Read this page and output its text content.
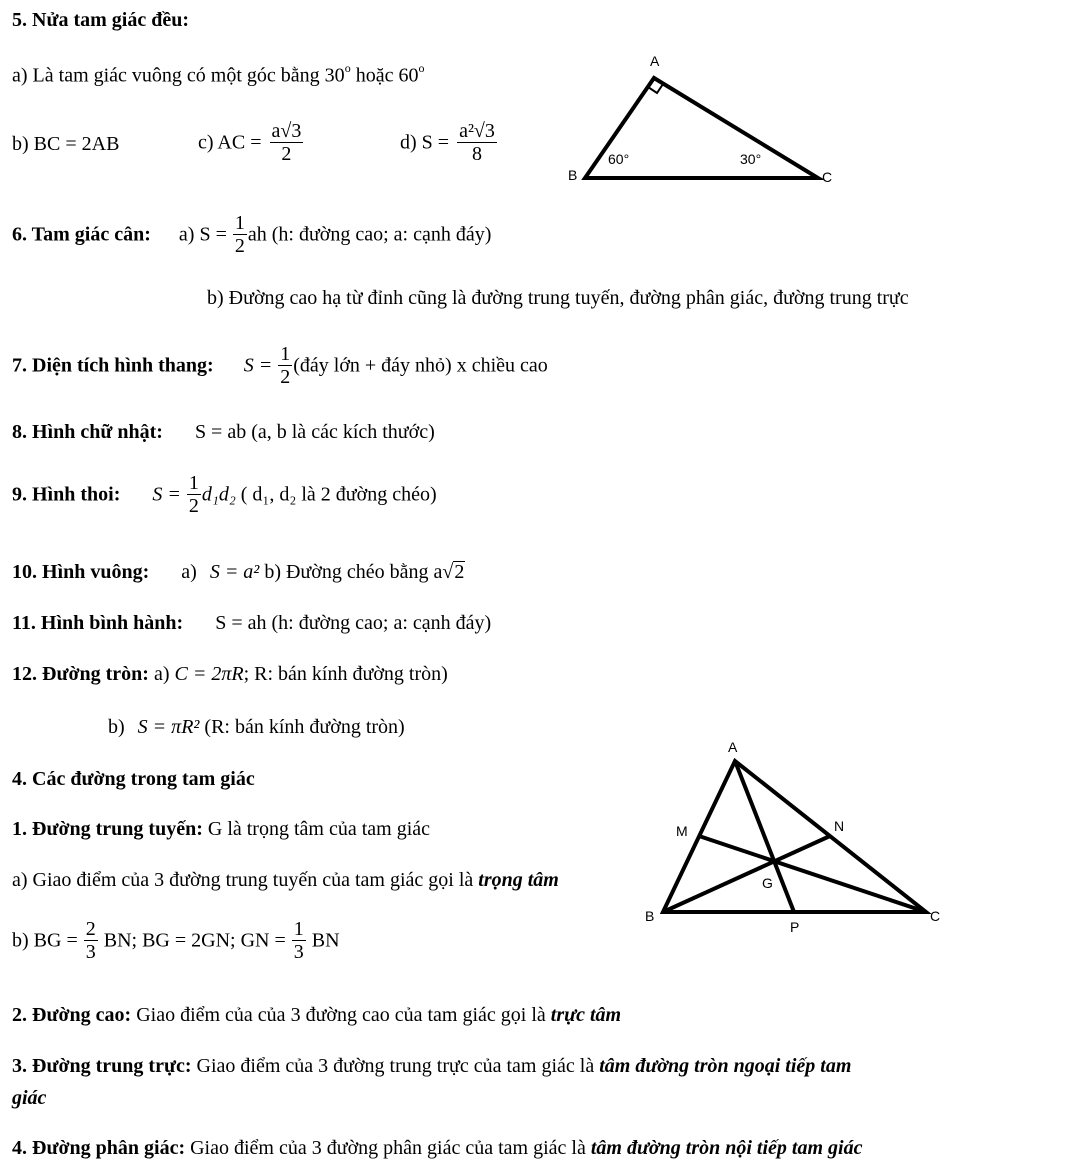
5. Nửa tam giác đều:
a) Là tam giác vuông có một góc bằng 30$^o$ hoặc 60$^o$
b) BC = 2AB	c) AC = $\frac{a√3}{2}$	d) $S = \frac{\text{a²√3}}{8}$
A
B	C
60°	30°
6. Tam giác cân: a) $S = \frac{1}{2}$ ah (h: đường cao; a: cạnh đáy)
b) Đường cao hạ từ đỉnh cũng là đường trung tuyến, đường phân giác, đường trung trực
7. Diện tích hình thang: $S = \frac{1}{2}$ (đáy lớn + đáy nhỏ) x chiều cao
8. Hình chữ nhật: S = ab (a, b là các kích thước)
9. Hình thoi: $S = \frac{1}{2} d_1d_2$ ( d₁, d₂ là 2 đường chéo)
10. Hình vuông: a) S = a² b) Đường chéo bằng a√2
11. Hình bình hành: S = ah (h: đường cao; a: cạnh đáy)
12. Đường tròn: a) C = 2πR; R: bán kính đường tròn)
b) S = πR² (R: bán kính đường tròn)
4. Các đường trong tam giác
1. Đường trung tuyến: G là trọng tâm của tam giác
a) Giao điểm của 3 đường trung tuyến của tam giác gọi là trọng tâm
b) BG = $\frac{2}{3}$ BN; BG = 2GN; GN = $\frac{1}{3}$ BN
2. Đường cao: Giao điểm của của 3 đường cao của tam giác gọi là trực tâm
3. Đường trung trực: Giao điểm của 3 đường trung trực của tam giác là tâm đường tròn ngoại tiếp tam
giác
4. Đường phân giác: Giao điểm của 3 đường phân giác của tam giác là tâm đường tròn nội tiếp tam giác
A
M	N
G
B	C
P
